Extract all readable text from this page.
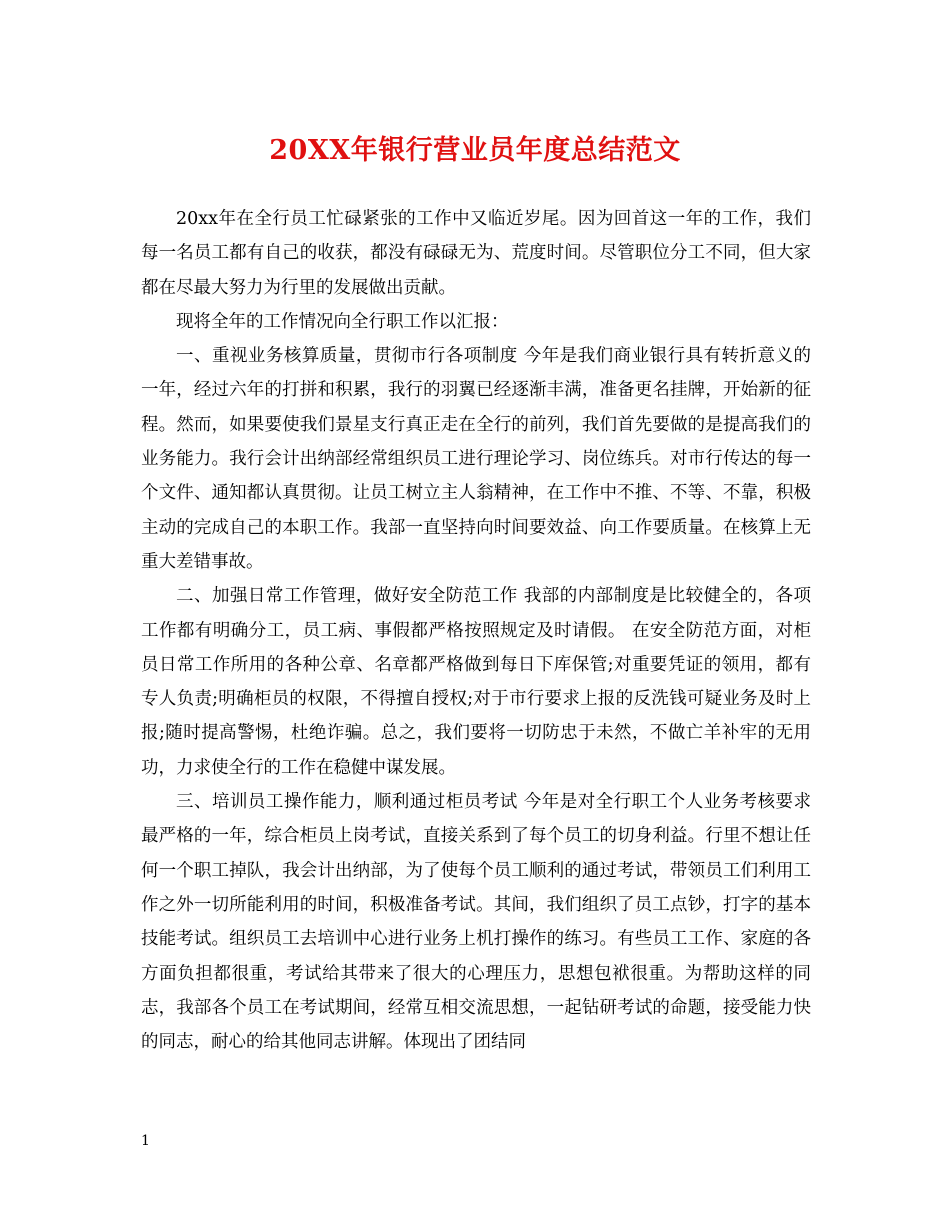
20XX年银行营业员年度总结范文

20xx年在全行员工忙碌紧张的工作中又临近岁尾。因为回首这一年的工作，我们每一名员工都有自己的收获，都没有碌碌无为、荒度时间。尽管职位分工不同，但大家都在尽最大努力为行里的发展做出贡献。

现将全年的工作情况向全行职工作以汇报：

一、重视业务核算质量，贯彻市行各项制度 今年是我们商业银行具有转折意义的一年，经过六年的打拼和积累，我行的羽翼已经逐渐丰满，准备更名挂牌，开始新的征程。然而，如果要使我们景星支行真正走在全行的前列，我们首先要做的是提高我们的业务能力。我行会计出纳部经常组织员工进行理论学习、岗位练兵。对市行传达的每一个文件、通知都认真贯彻。让员工树立主人翁精神，在工作中不推、不等、不靠，积极主动的完成自己的本职工作。我部一直坚持向时间要效益、向工作要质量。在核算上无重大差错事故。

二、加强日常工作管理，做好安全防范工作 我部的内部制度是比较健全的，各项工作都有明确分工，员工病、事假都严格按照规定及时请假。 在安全防范方面，对柜员日常工作所用的各种公章、名章都严格做到每日下库保管;对重要凭证的领用，都有专人负责;明确柜员的权限，不得擅自授权;对于市行要求上报的反洗钱可疑业务及时上报;随时提高警惕，杜绝诈骗。总之，我们要将一切防忠于未然，不做亡羊补牢的无用功，力求使全行的工作在稳健中谋发展。

三、培训员工操作能力，顺利通过柜员考试 今年是对全行职工个人业务考核要求最严格的一年，综合柜员上岗考试，直接关系到了每个员工的切身利益。行里不想让任何一个职工掉队，我会计出纳部，为了使每个员工顺利的通过考试，带领员工们利用工作之外一切所能利用的时间，积极准备考试。其间，我们组织了员工点钞，打字的基本技能考试。组织员工去培训中心进行业务上机打操作的练习。有些员工工作、家庭的各方面负担都很重，考试给其带来了很大的心理压力，思想包袱很重。为帮助这样的同志，我部各个员工在考试期间，经常互相交流思想，一起钻研考试的命题，接受能力快的同志，耐心的给其他同志讲解。体现出了团结同

1
